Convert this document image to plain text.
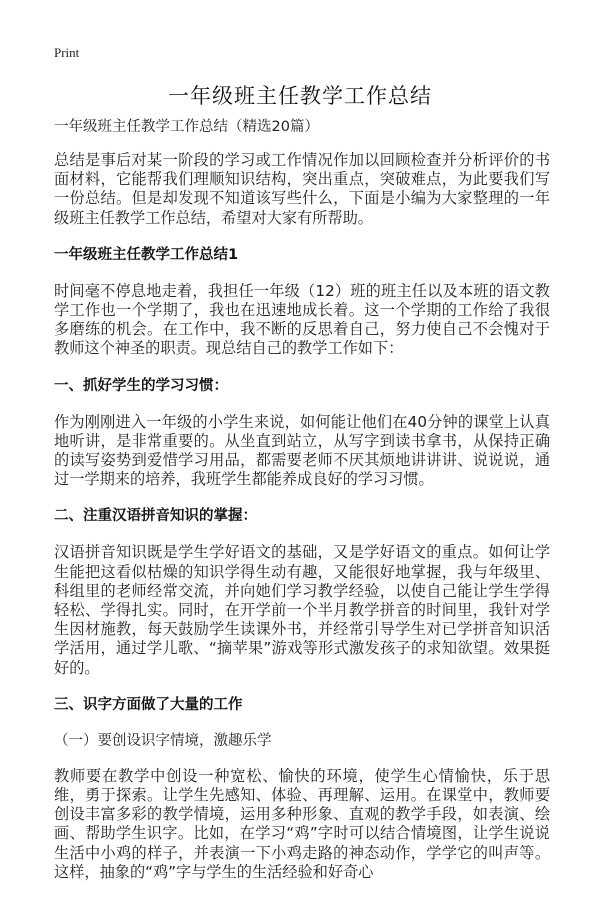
Print
一年级班主任教学工作总结

一年级班主任教学工作总结（精选20篇）

总结是事后对某一阶段的学习或工作情况作加以回顾检查并分析评价的书面材料，它能帮我们理顺知识结构，突出重点，突破难点，为此要我们写一份总结。但是却发现不知道该写些什么，下面是小编为大家整理的一年级班主任教学工作总结，希望对大家有所帮助。

一年级班主任教学工作总结1

时间毫不停息地走着，我担任一年级（12）班的班主任以及本班的语文教学工作也一个学期了，我也在迅速地成长着。这一个学期的工作给了我很多磨练的机会。在工作中，我不断的反思着自己，努力使自己不会愧对于教师这个神圣的职责。现总结自己的教学工作如下：

一、抓好学生的学习习惯：

作为刚刚进入一年级的小学生来说，如何能让他们在40分钟的课堂上认真地听讲，是非常重要的。从坐直到站立，从写字到读书拿书，从保持正确的读写姿势到爱惜学习用品，都需要老师不厌其烦地讲讲讲、说说说，通过一学期来的培养，我班学生都能养成良好的学习习惯。

二、注重汉语拼音知识的掌握：

汉语拼音知识既是学生学好语文的基础，又是学好语文的重点。如何让学生能把这看似枯燥的知识学得生动有趣，又能很好地掌握，我与年级里、科组里的老师经常交流，并向她们学习教学经验，以使自己能让学生学得轻松、学得扎实。同时，在开学前一个半月教学拼音的时间里，我针对学生因材施教，每天鼓励学生读课外书，并经常引导学生对已学拼音知识活学活用，通过学儿歌、“摘苹果”游戏等形式激发孩子的求知欲望。效果挺好的。

三、识字方面做了大量的工作

（一）要创设识字情境，激趣乐学

教师要在教学中创设一种宽松、愉快的环境，使学生心情愉快，乐于思维，勇于探索。让学生先感知、体验、再理解、运用。在课堂中，教师要创设丰富多彩的教学情境，运用多种形象、直观的教学手段，如表演、绘画、帮助学生识字。比如，在学习“鸡”字时可以结合情境图，让学生说说生活中小鸡的样子，并表演一下小鸡走路的神态动作，学学它的叫声等。这样，抽象的“鸡”字与学生的生活经验和好奇心
